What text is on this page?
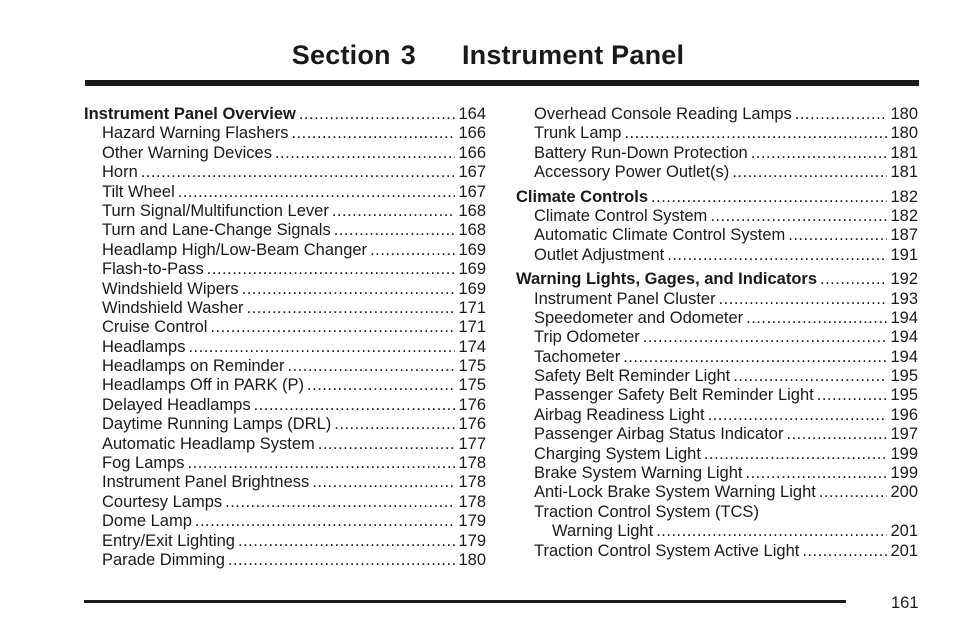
Section 3 Instrument Panel
Instrument Panel Overview .....	164
Hazard Warning Flashers .....	166
Other Warning Devices .....	166
Horn .....	167
Tilt Wheel .....	167
Turn Signal/Multifunction Lever .....	168
Turn and Lane-Change Signals .....	168
Headlamp High/Low-Beam Changer .....	169
Flash-to-Pass .....	169
Windshield Wipers .....	169
Windshield Washer .....	171
Cruise Control .....	171
Headlamps .....	174
Headlamps on Reminder .....	175
Headlamps Off in PARK (P) .....	175
Delayed Headlamps .....	176
Daytime Running Lamps (DRL) .....	176
Automatic Headlamp System .....	177
Fog Lamps .....	178
Instrument Panel Brightness .....	178
Courtesy Lamps .....	178
Dome Lamp .....	179
Entry/Exit Lighting .....	179
Parade Dimming .....	180
Overhead Console Reading Lamps .....	180
Trunk Lamp .....	180
Battery Run-Down Protection .....	181
Accessory Power Outlet(s) .....	181
Climate Controls .....	182
Climate Control System .....	182
Automatic Climate Control System .....	187
Outlet Adjustment .....	191
Warning Lights, Gages, and Indicators .....	192
Instrument Panel Cluster .....	193
Speedometer and Odometer .....	194
Trip Odometer .....	194
Tachometer .....	194
Safety Belt Reminder Light .....	195
Passenger Safety Belt Reminder Light .....	195
Airbag Readiness Light .....	196
Passenger Airbag Status Indicator .....	197
Charging System Light .....	199
Brake System Warning Light .....	199
Anti-Lock Brake System Warning Light .....	200
Traction Control System (TCS)
Warning Light .....	201
Traction Control System Active Light .....	201
161
